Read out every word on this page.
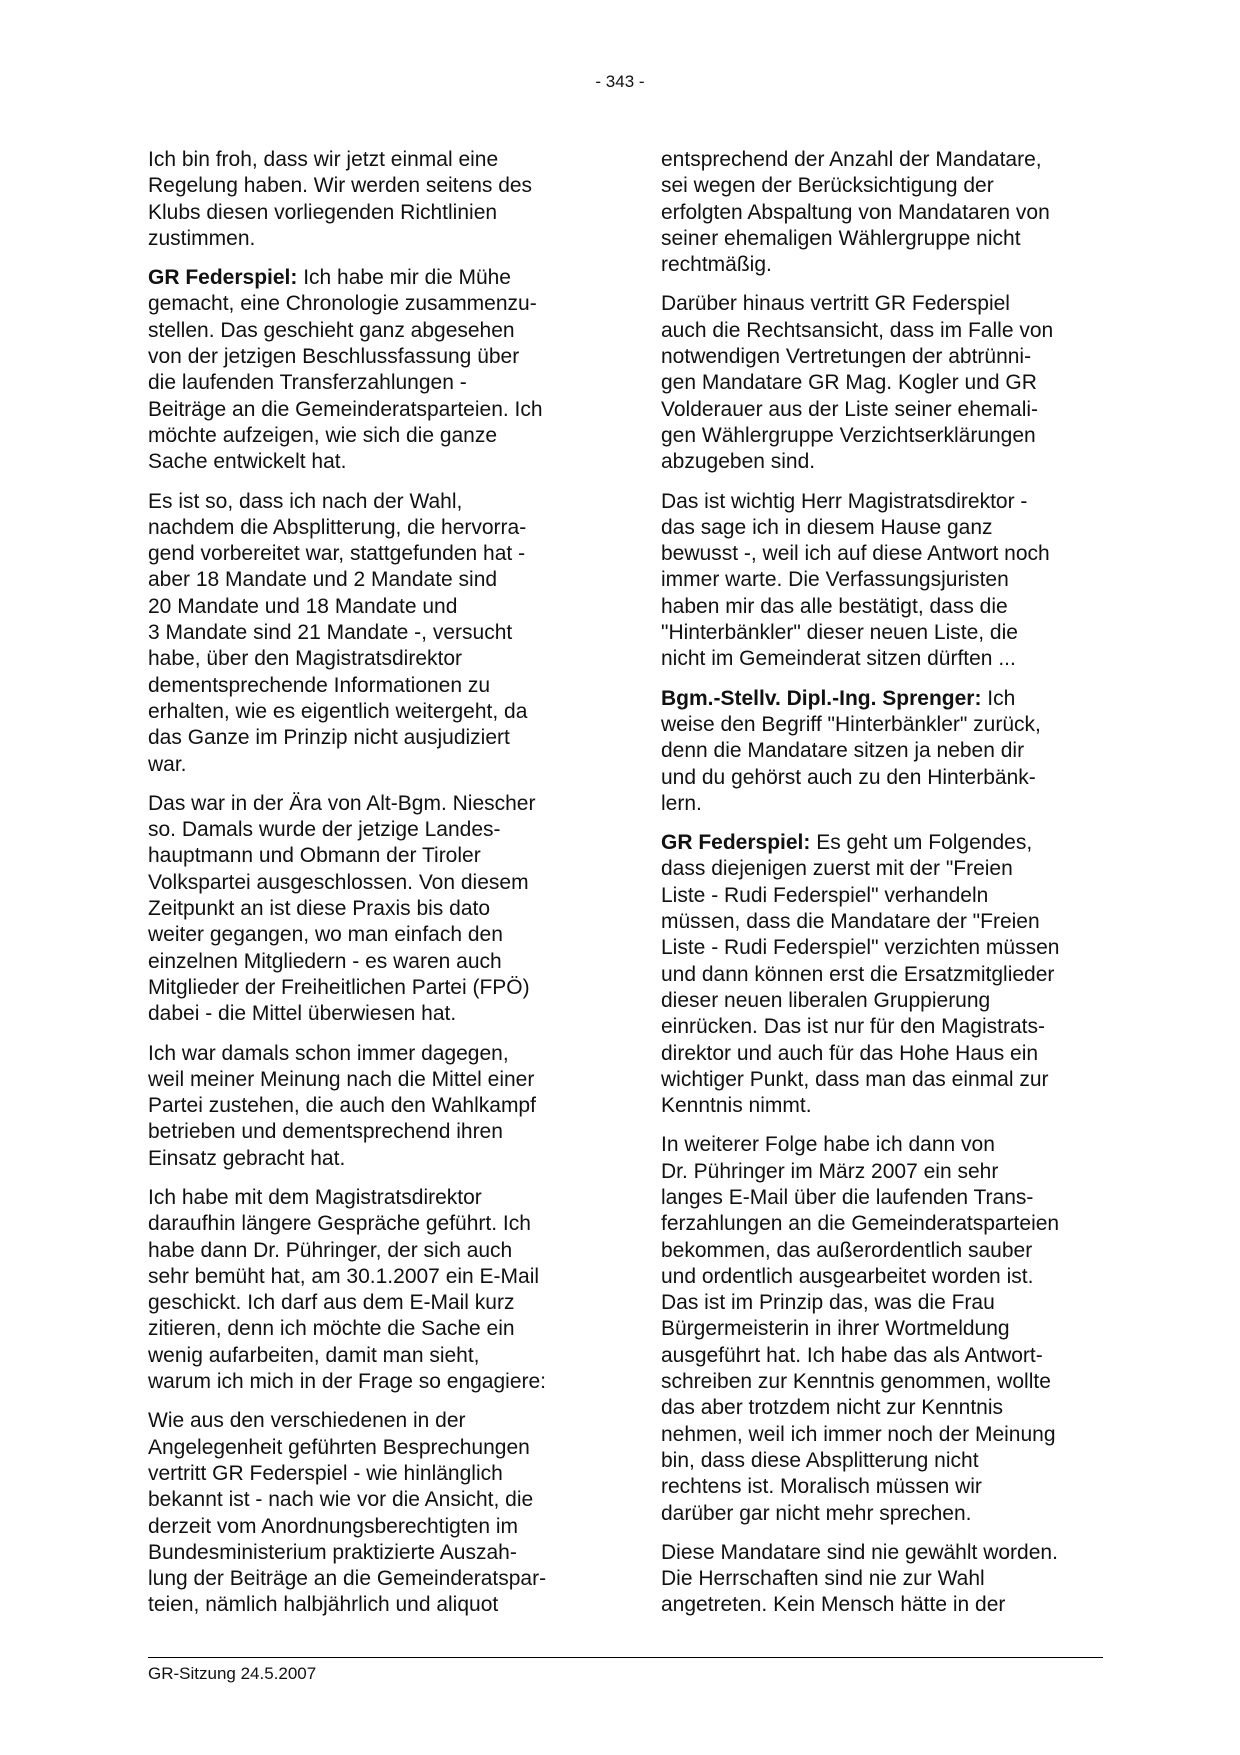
- 343 -

Ich bin froh, dass wir jetzt einmal eine
Regelung haben. Wir werden seitens des
Klubs diesen vorliegenden Richtlinien
zustimmen.

GR Federspiel: Ich habe mir die Mühe
gemacht, eine Chronologie zusammenzu-
stellen. Das geschieht ganz abgesehen
von der jetzigen Beschlussfassung über
die laufenden Transferzahlungen -
Beiträge an die Gemeinderatsparteien. Ich
möchte aufzeigen, wie sich die ganze
Sache entwickelt hat.

Es ist so, dass ich nach der Wahl,
nachdem die Absplitterung, die hervorra-
gend vorbereitet war, stattgefunden hat -
aber 18 Mandate und 2 Mandate sind
20 Mandate und 18 Mandate und
3 Mandate sind 21 Mandate -, versucht
habe, über den Magistratsdirektor
dementsprechende Informationen zu
erhalten, wie es eigentlich weitergeht, da
das Ganze im Prinzip nicht ausjudiziert
war.

Das war in der Ära von Alt-Bgm. Niescher
so. Damals wurde der jetzige Landes-
hauptmann und Obmann der Tiroler
Volkspartei ausgeschlossen. Von diesem
Zeitpunkt an ist diese Praxis bis dato
weiter gegangen, wo man einfach den
einzelnen Mitgliedern - es waren auch
Mitglieder der Freiheitlichen Partei (FPÖ)
dabei - die Mittel überwiesen hat.

Ich war damals schon immer dagegen,
weil meiner Meinung nach die Mittel einer
Partei zustehen, die auch den Wahlkampf
betrieben und dementsprechend ihren
Einsatz gebracht hat.

Ich habe mit dem Magistratsdirektor
daraufhin längere Gespräche geführt. Ich
habe dann Dr. Pühringer, der sich auch
sehr bemüht hat, am 30.1.2007 ein E-Mail
geschickt. Ich darf aus dem E-Mail kurz
zitieren, denn ich möchte die Sache ein
wenig aufarbeiten, damit man sieht,
warum ich mich in der Frage so engagiere:

Wie aus den verschiedenen in der
Angelegenheit geführten Besprechungen
vertritt GR Federspiel - wie hinlänglich
bekannt ist - nach wie vor die Ansicht, die
derzeit vom Anordnungsberechtigten im
Bundesministerium praktizierte Auszah-
lung der Beiträge an die Gemeinderatspar-
teien, nämlich halbjährlich und aliquot

entsprechend der Anzahl der Mandatare,
sei wegen der Berücksichtigung der
erfolgten Abspaltung von Mandataren von
seiner ehemaligen Wählergruppe nicht
rechtmäßig.

Darüber hinaus vertritt GR Federspiel
auch die Rechtsansicht, dass im Falle von
notwendigen Vertretungen der abtrünni-
gen Mandatare GR Mag. Kogler und GR
Volderauer aus der Liste seiner ehemali-
gen Wählergruppe Verzichtserklärungen
abzugeben sind.

Das ist wichtig Herr Magistratsdirektor -
das sage ich in diesem Hause ganz
bewusst -, weil ich auf diese Antwort noch
immer warte. Die Verfassungsjuristen
haben mir das alle bestätigt, dass die
"Hinterbänkler" dieser neuen Liste, die
nicht im Gemeinderat sitzen dürften ...

Bgm.-Stellv. Dipl.-Ing. Sprenger: Ich
weise den Begriff "Hinterbänkler" zurück,
denn die Mandatare sitzen ja neben dir
und du gehörst auch zu den Hinterbänk-
lern.

GR Federspiel: Es geht um Folgendes,
dass diejenigen zuerst mit der "Freien
Liste - Rudi Federspiel" verhandeln
müssen, dass die Mandatare der "Freien
Liste - Rudi Federspiel" verzichten müssen
und dann können erst die Ersatzmitglieder
dieser neuen liberalen Gruppierung
einrücken. Das ist nur für den Magistrats-
direktor und auch für das Hohe Haus ein
wichtiger Punkt, dass man das einmal zur
Kenntnis nimmt.

In weiterer Folge habe ich dann von
Dr. Pühringer im März 2007 ein sehr
langes E-Mail über die laufenden Trans-
ferzahlungen an die Gemeinderatsparteien
bekommen, das außerordentlich sauber
und ordentlich ausgearbeitet worden ist.
Das ist im Prinzip das, was die Frau
Bürgermeisterin in ihrer Wortmeldung
ausgeführt hat. Ich habe das als Antwort-
schreiben zur Kenntnis genommen, wollte
das aber trotzdem nicht zur Kenntnis
nehmen, weil ich immer noch der Meinung
bin, dass diese Absplitterung nicht
rechtens ist. Moralisch müssen wir
darüber gar nicht mehr sprechen.

Diese Mandatare sind nie gewählt worden.
Die Herrschaften sind nie zur Wahl
angetreten. Kein Mensch hätte in der

GR-Sitzung 24.5.2007
